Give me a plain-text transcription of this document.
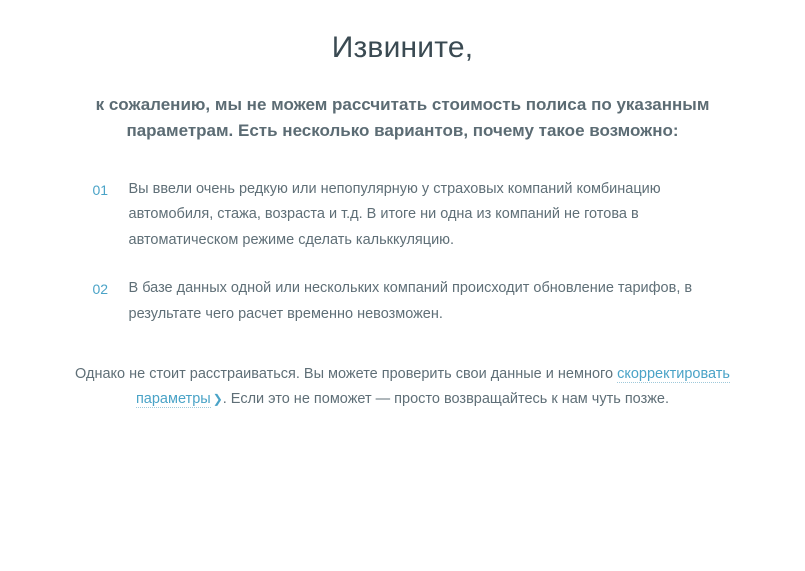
Извините,

к сожалению, мы не можем рассчитать стоимость полиса по указанным параметрам. Есть несколько вариантов, почему такое возможно:

01	Вы ввели очень редкую или непопулярную у страховых компаний комбинацию автомобиля, стажа, возраста и т.д. В итоге ни одна из компаний не готова в автоматическом режиме сделать кальккуляцию.
02	В базе данных одной или нескольких компаний происходит обновление тарифов, в результате чего расчет временно невозможен.
Однако не стоит расстраиваться. Вы можете проверить свои данные и немного скорректировать параметры ❯. Если это не поможет — просто возвращайтесь к нам чуть позже.
